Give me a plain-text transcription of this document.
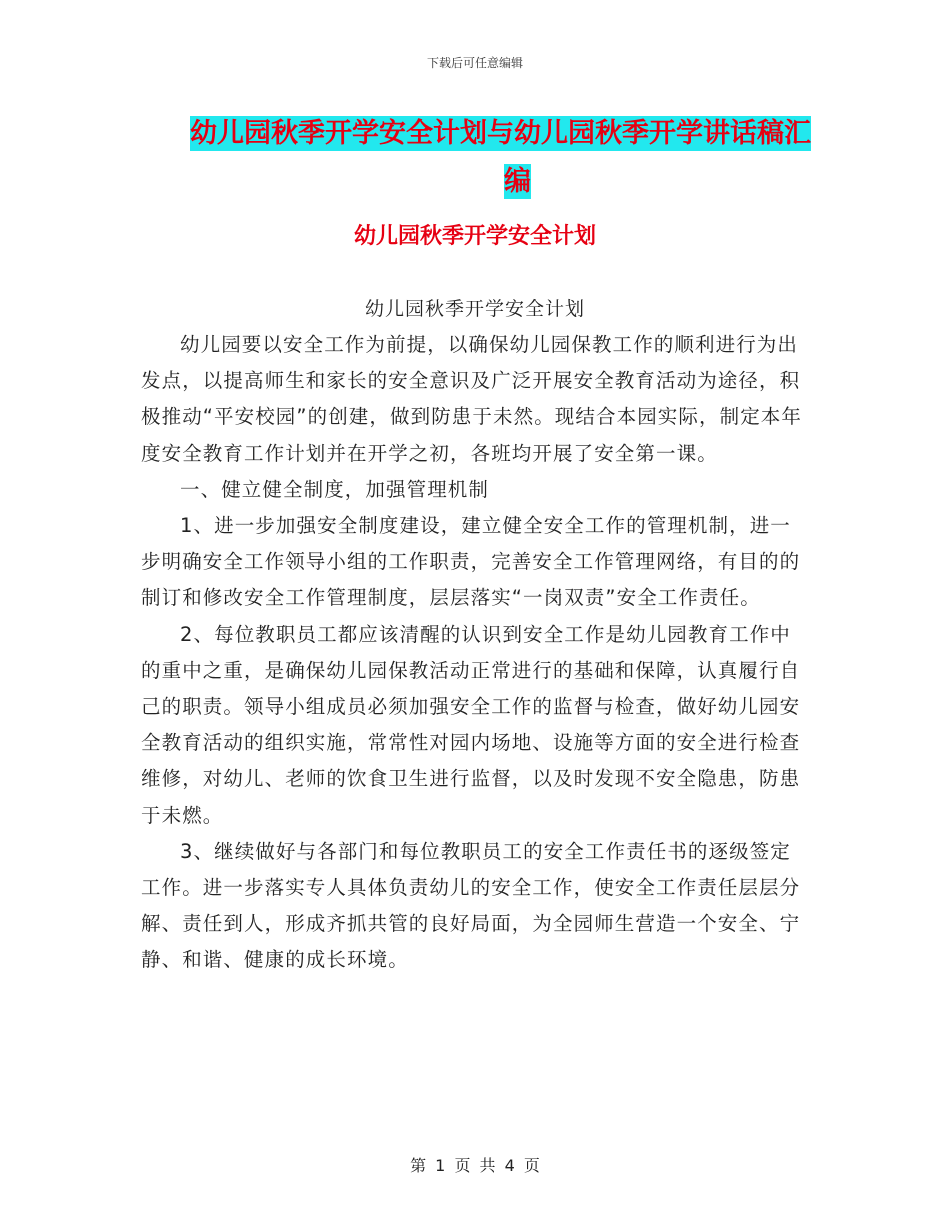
下载后可任意编辑
幼儿园秋季开学安全计划与幼儿园秋季开学讲话稿汇
编
幼儿园秋季开学安全计划
幼儿园秋季开学安全计划

幼儿园要以安全工作为前提，以确保幼儿园保教工作的顺利进行为出发点，以提高师生和家长的安全意识及广泛开展安全教育活动为途径，积极推动“平安校园”的创建，做到防患于未然。现结合本园实际，制定本年度安全教育工作计划并在开学之初，各班均开展了安全第一课。

一、健立健全制度，加强管理机制

1、进一步加强安全制度建设，建立健全安全工作的管理机制，进一步明确安全工作领导小组的工作职责，完善安全工作管理网络，有目的的制订和修改安全工作管理制度，层层落实“一岗双责”安全工作责任。

2、每位教职员工都应该清醒的认识到安全工作是幼儿园教育工作中的重中之重，是确保幼儿园保教活动正常进行的基础和保障，认真履行自己的职责。领导小组成员必须加强安全工作的监督与检查，做好幼儿园安全教育活动的组织实施，常常性对园内场地、设施等方面的安全进行检查维修，对幼儿、老师的饮食卫生进行监督，以及时发现不安全隐患，防患于未燃。

3、继续做好与各部门和每位教职员工的安全工作责任书的逐级签定工作。进一步落实专人具体负责幼儿的安全工作，使安全工作责任层层分解、责任到人，形成齐抓共管的良好局面，为全园师生营造一个安全、宁静、和谐、健康的成长环境。

第 1 页 共 4 页
